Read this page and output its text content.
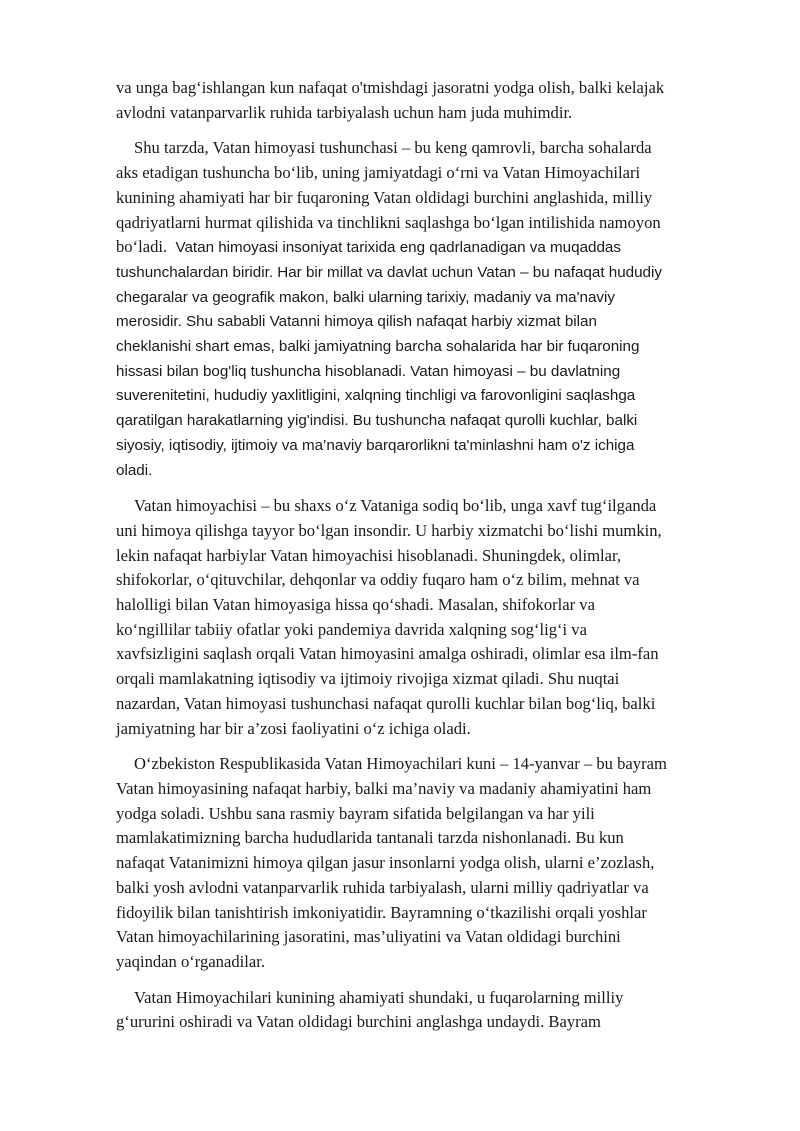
va unga bag‘ishlangan kun nafaqat o'tmishdagi jasoratni yodga olish, balki kelajak
avlodni vatanparvarlik ruhida tarbiyalash uchun ham juda muhimdir.

Shu tarzda, Vatan himoyasi tushunchasi – bu keng qamrovli, barcha sohalarda
aks etadigan tushuncha bo‘lib, uning jamiyatdagi o‘rni va Vatan Himoyachilari
kunining ahamiyati har bir fuqaroning Vatan oldidagi burchini anglashida, milliy
qadriyatlarni hurmat qilishida va tinchlikni saqlashga bo‘lgan intilishida namoyon
bo‘ladi.  Vatan himoyasi insoniyat tarixida eng qadrlanadigan va muqaddas
tushunchalardan biridir. Har bir millat va davlat uchun Vatan – bu nafaqat hududiy
chegaralar va geografik makon, balki ularning tarixiy, madaniy va ma'naviy
merosidir. Shu sababli Vatanni himoya qilish nafaqat harbiy xizmat bilan
cheklanishi shart emas, balki jamiyatning barcha sohalarida har bir fuqaroning
hissasi bilan bog'liq tushuncha hisoblanadi. Vatan himoyasi – bu davlatning
suverenitetini, hududiy yaxlitligini, xalqning tinchligi va farovonligini saqlashga
qaratilgan harakatlarning yig'indisi. Bu tushuncha nafaqat qurolli kuchlar, balki
siyosiy, iqtisodiy, ijtimoiy va ma’naviy barqarorlikni ta'minlashni ham o'z ichiga
oladi.

Vatan himoyachisi – bu shaxs o‘z Vataniga sodiq bo‘lib, unga xavf tug‘ilganda
uni himoya qilishga tayyor bo‘lgan insondir. U harbiy xizmatchi bo‘lishi mumkin,
lekin nafaqat harbiylar Vatan himoyachisi hisoblanadi. Shuningdek, olimlar,
shifokorlar, o‘qituvchilar, dehqonlar va oddiy fuqaro ham o‘z bilim, mehnat va
halolligi bilan Vatan himoyasiga hissa qo‘shadi. Masalan, shifokorlar va
ko‘ngillilar tabiiy ofatlar yoki pandemiya davrida xalqning sog‘lig‘i va
xavfsizligini saqlash orqali Vatan himoyasini amalga oshiradi, olimlar esa ilm-fan
orqali mamlakatning iqtisodiy va ijtimoiy rivojiga xizmat qiladi. Shu nuqtai
nazardan, Vatan himoyasi tushunchasi nafaqat qurolli kuchlar bilan bog‘liq, balki
jamiyatning har bir a’zosi faoliyatini o‘z ichiga oladi.

O‘zbekiston Respublikasida Vatan Himoyachilari kuni – 14-yanvar – bu bayram
Vatan himoyasining nafaqat harbiy, balki ma’naviy va madaniy ahamiyatini ham
yodga soladi. Ushbu sana rasmiy bayram sifatida belgilangan va har yili
mamlakatimizning barcha hududlarida tantanali tarzda nishonlanadi. Bu kun
nafaqat Vatanimizni himoya qilgan jasur insonlarni yodga olish, ularni e’zozlash,
balki yosh avlodni vatanparvarlik ruhida tarbiyalash, ularni milliy qadriyatlar va
fidoyilik bilan tanishtirish imkoniyatidir. Bayramning o‘tkazilishi orqali yoshlar
Vatan himoyachilarining jasoratini, mas’uliyatini va Vatan oldidagi burchini
yaqindan o‘rganadilar.

Vatan Himoyachilari kunining ahamiyati shundaki, u fuqarolarning milliy
g‘ururini oshiradi va Vatan oldidagi burchini anglashga undaydi. Bayram
